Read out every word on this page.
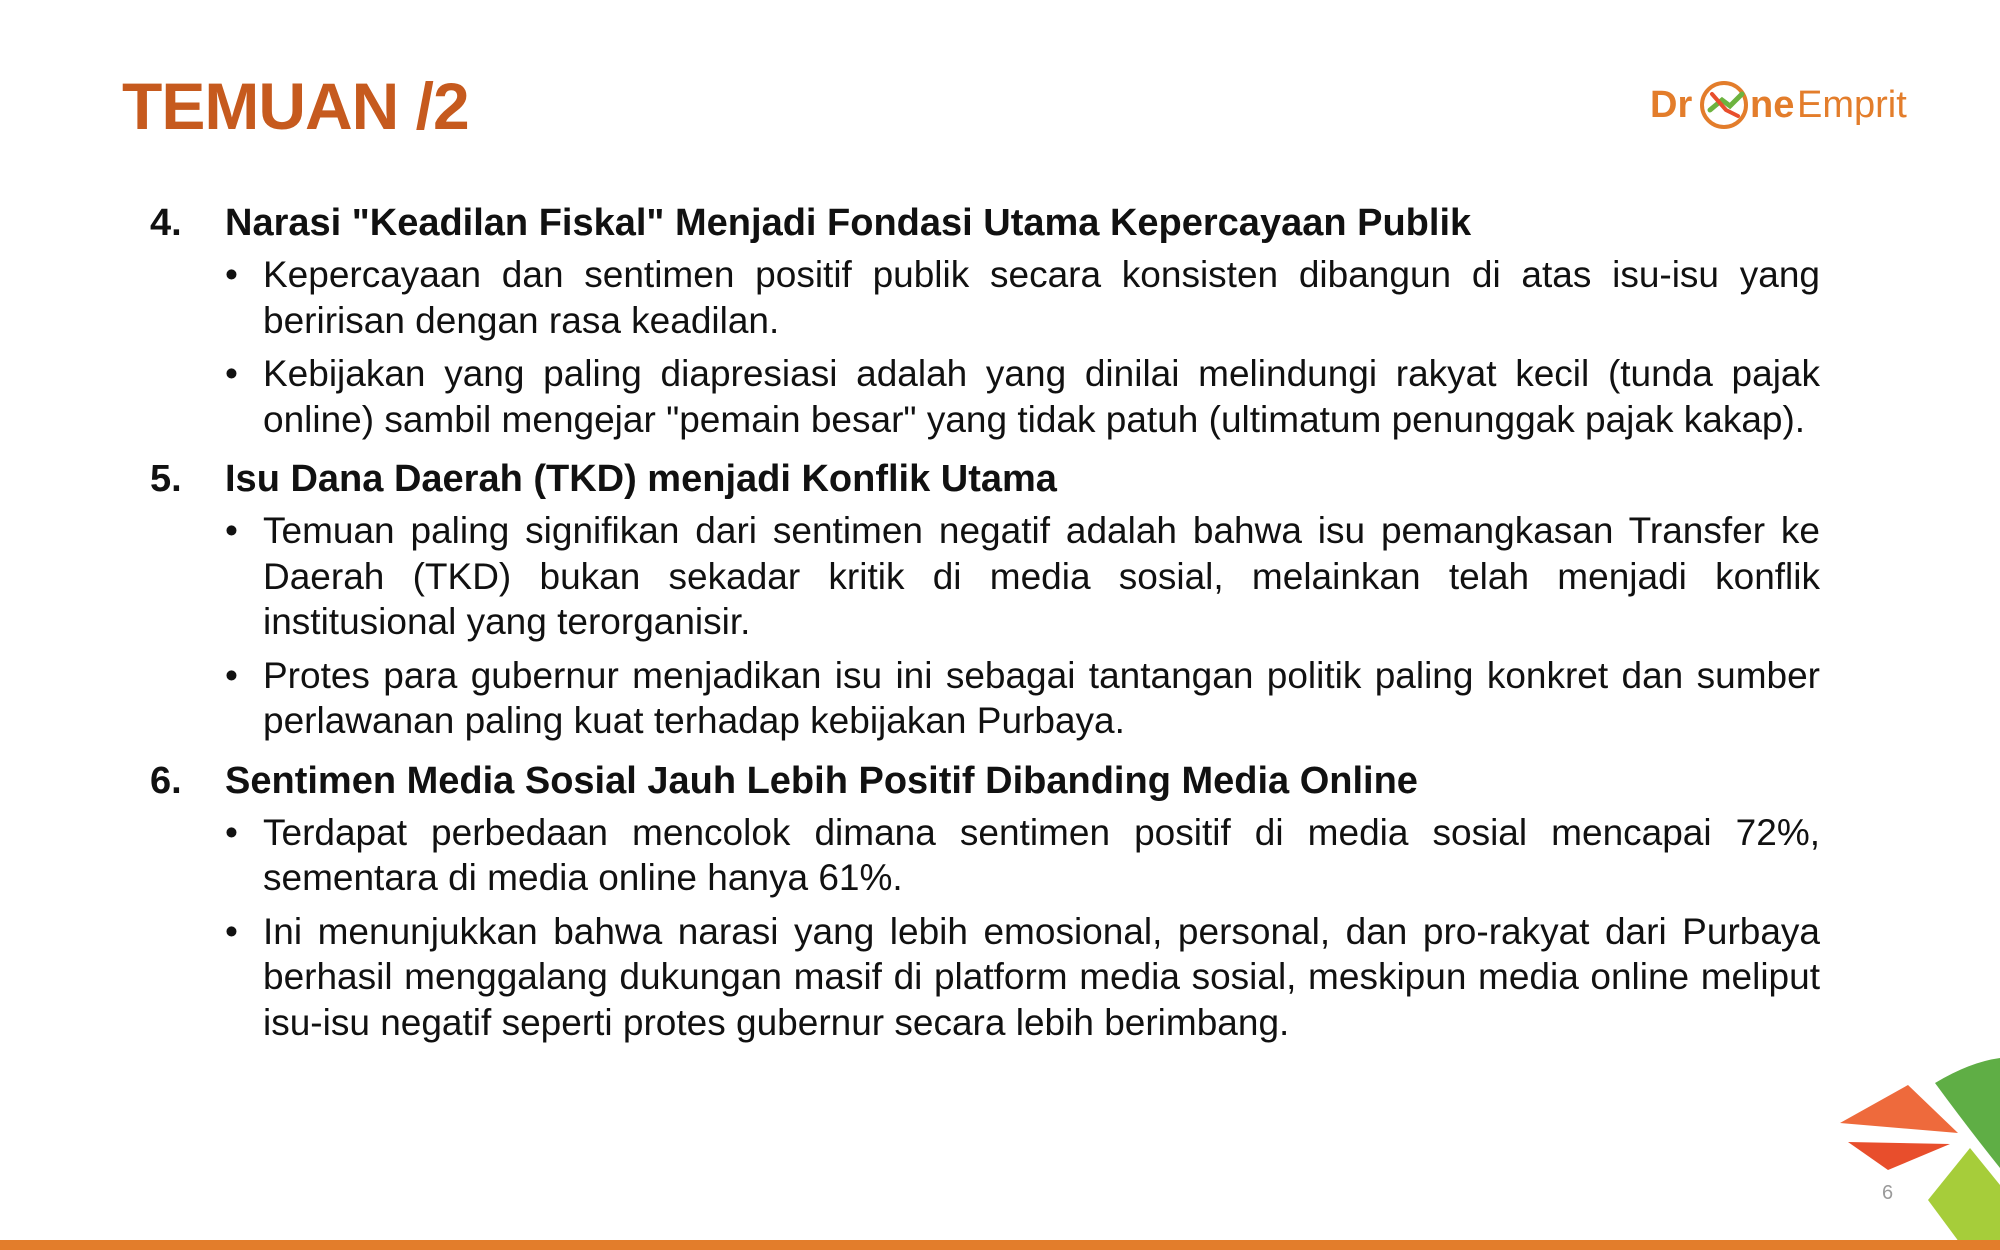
TEMUAN /2	Dr ne Emprit
4.	Narasi "Keadilan Fiskal" Menjadi Fondasi Utama Kepercayaan Publik
• Kepercayaan dan sentimen positif publik secara konsisten dibangun di atas isu-isu yang beririsan dengan rasa keadilan.
• Kebijakan yang paling diapresiasi adalah yang dinilai melindungi rakyat kecil (tunda pajak online) sambil mengejar "pemain besar" yang tidak patuh (ultimatum penunggak pajak kakap).
5.	Isu Dana Daerah (TKD) menjadi Konflik Utama
• Temuan paling signifikan dari sentimen negatif adalah bahwa isu pemangkasan Transfer ke Daerah (TKD) bukan sekadar kritik di media sosial, melainkan telah menjadi konflik institusional yang terorganisir.
• Protes para gubernur menjadikan isu ini sebagai tantangan politik paling konkret dan sumber perlawanan paling kuat terhadap kebijakan Purbaya.
6.	Sentimen Media Sosial Jauh Lebih Positif Dibanding Media Online
• Terdapat perbedaan mencolok dimana sentimen positif di media sosial mencapai 72%, sementara di media online hanya 61%.
• Ini menunjukkan bahwa narasi yang lebih emosional, personal, dan pro-rakyat dari Purbaya berhasil menggalang dukungan masif di platform media sosial, meskipun media online meliput isu-isu negatif seperti protes gubernur secara lebih berimbang.
6
